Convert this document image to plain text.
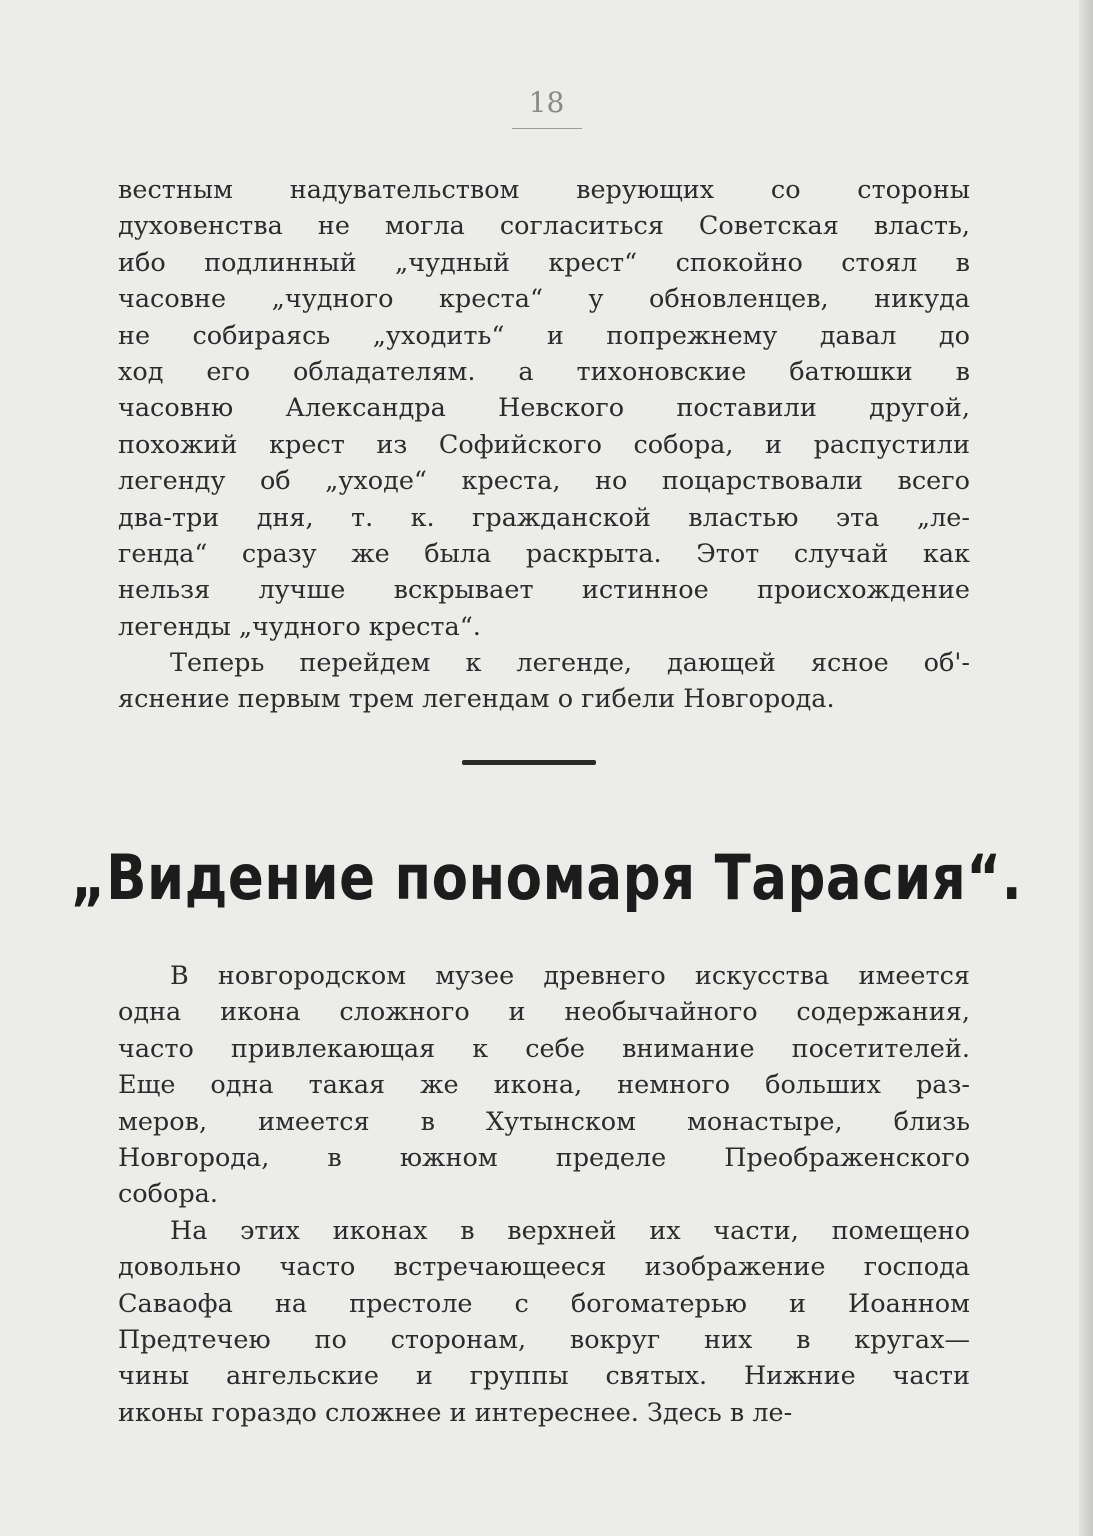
18
вестным надувательством верующих со стороны
духовенства не могла согласиться Советская власть,
ибо подлинный „чудный крест“ спокойно стоял в
часовне „чудного креста“ у обновленцев, никуда
не собираясь „уходить“ и попрежнему давал до
ход его обладателям. а тихоновские батюшки в
часовню Александра Невского поставили другой,
похожий крест из Софийского собора, и распустили
легенду об „уходе“ креста, но поцарствовали всего
два-три дня, т. к. гражданской властью эта „ле-
генда“ сразу же была раскрыта. Этот случай как
нельзя лучше вскрывает истинное происхождение
легенды „чудного креста“.
Теперь перейдем к легенде, дающей ясное об'-
яснение первым трем легендам о гибели Новгорода.
„Видение пономаря Тарасия“.
В новгородском музее древнего искусства имеется
одна икона сложного и необычайного содержания,
часто привлекающая к себе внимание посетителей.
Еще одна такая же икона, немного больших раз-
меров, имеется в Хутынском монастыре, близь
Новгорода, в южном пределе Преображенского
собора.
На этих иконах в верхней их части, помещено
довольно часто встречающееся изображение господа
Саваофа на престоле с богоматерью и Иоанном
Предтечею по сторонам, вокруг них в кругах—
чины ангельские и группы святых. Нижние части
иконы гораздо сложнее и интереснее. Здесь в ле-
